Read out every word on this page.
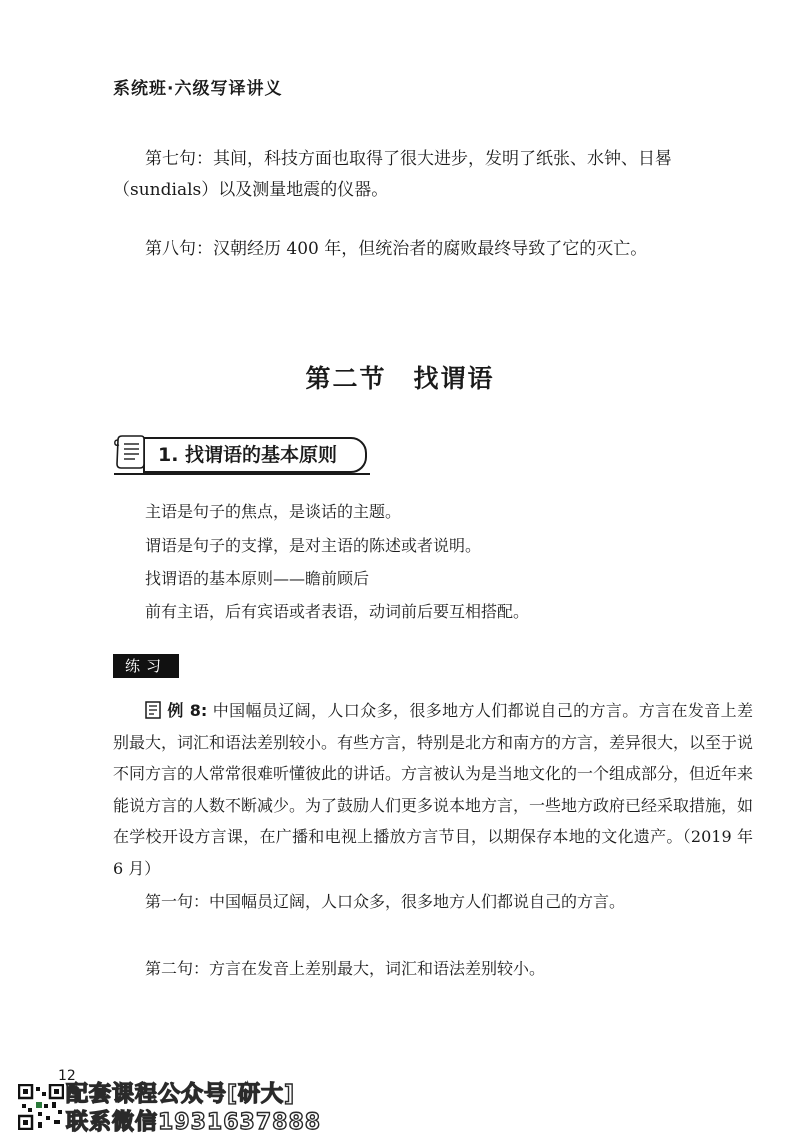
系统班·六级写译讲义
第七句：其间，科技方面也取得了很大进步，发明了纸张、水钟、日晷（sundials）以及测量地震的仪器。
第八句：汉朝经历 400 年，但统治者的腐败最终导致了它的灭亡。
第二节　找谓语
1. 找谓语的基本原则
主语是句子的焦点，是谈话的主题。
谓语是句子的支撑，是对主语的陈述或者说明。
找谓语的基本原则——瞻前顾后
前有主语，后有宾语或者表语，动词前后要互相搭配。
练习
例 8: 中国幅员辽阔，人口众多，很多地方人们都说自己的方言。方言在发音上差别最大，词汇和语法差别较小。有些方言，特别是北方和南方的方言，差异很大，以至于说不同方言的人常常很难听懂彼此的讲话。方言被认为是当地文化的一个组成部分，但近年来能说方言的人数不断减少。为了鼓励人们更多说本地方言，一些地方政府已经采取措施，如在学校开设方言课，在广播和电视上播放方言节目，以期保存本地的文化遗产。（2019 年 6 月）
第一句：中国幅员辽阔，人口众多，很多地方人们都说自己的方言。
第二句：方言在发音上差别最大，词汇和语法差别较小。
12
配套课程公众号[研大]
联系微信1931637888
